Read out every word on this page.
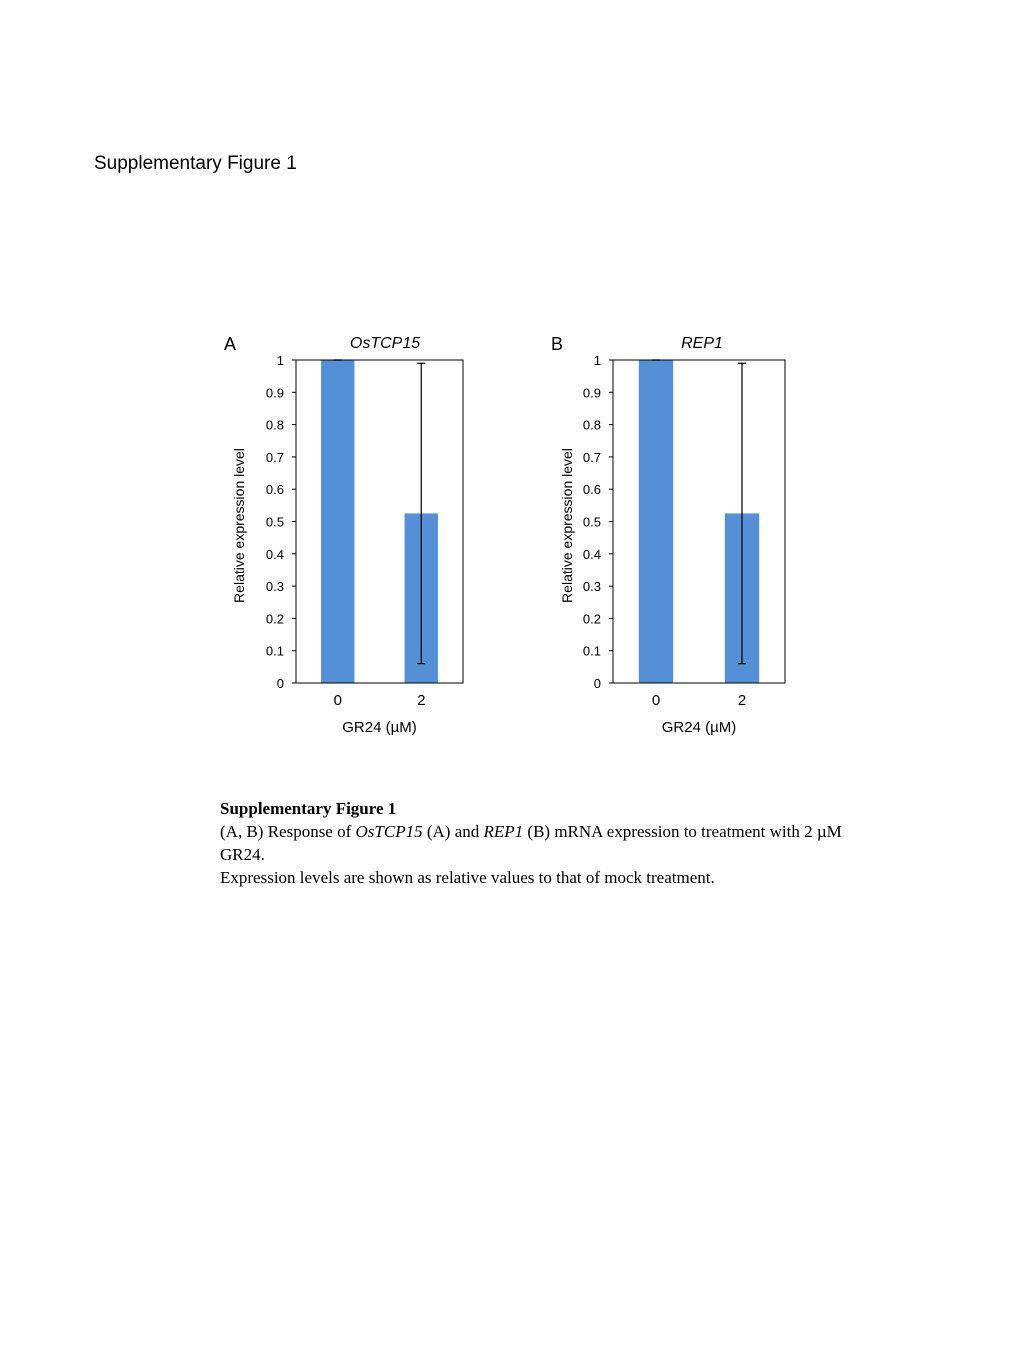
Supplementary Figure 1
A	OsTCP15
0
0.1
0.2
0.3
0.4
0.5
0.6
0.7
0.8
0.9
1
0	2
GR24 (µM)
Relative expression level
B	REP1
0
0.1
0.2
0.3
0.4
0.5
0.6
0.7
0.8
0.9
1
0	2
GR24 (µM)
Relative expression level

Supplementary Figure 1

(A, B) Response of OsTCP15 (A) and REP1 (B) mRNA expression to treatment with 2 µM GR24.

Expression levels are shown as relative values to that of mock treatment.
